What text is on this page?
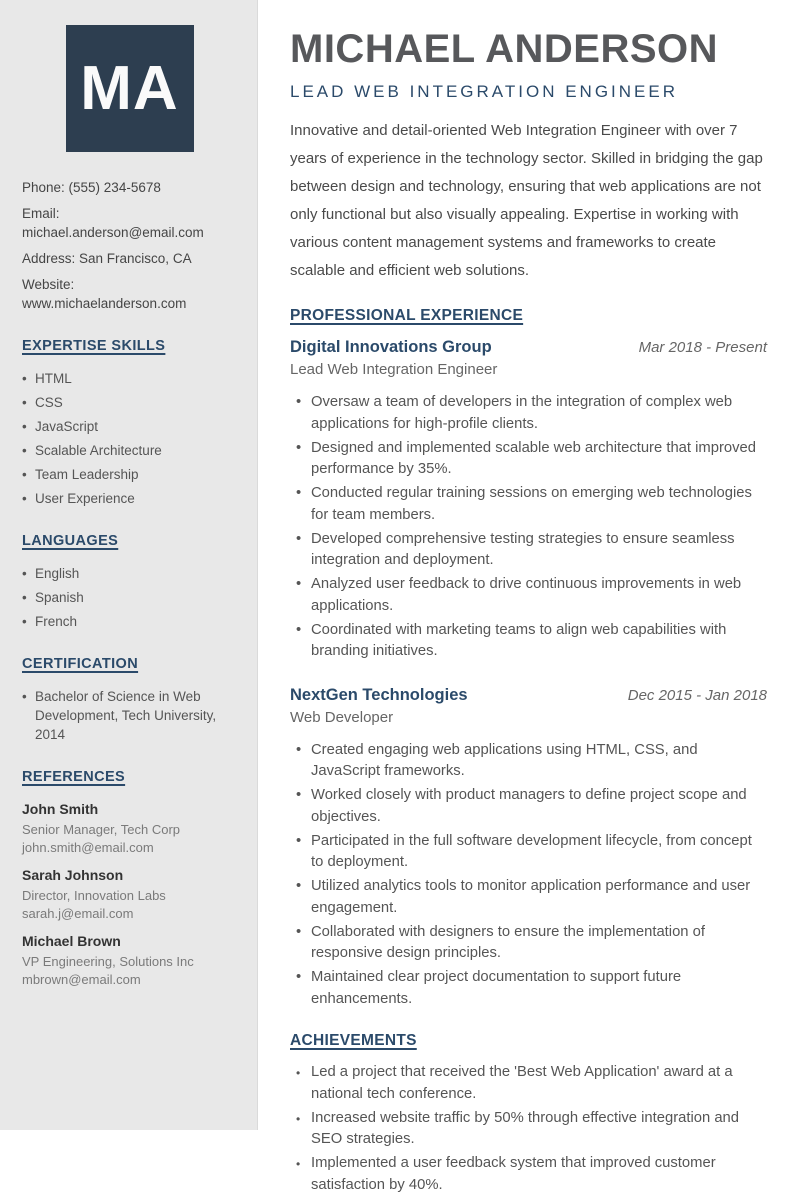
MA

Phone: (555) 234-5678

Email: michael.anderson@email.com

Address: San Francisco, CA

Website: www.michaelanderson.com

EXPERTISE SKILLS
• HTML
• CSS
• JavaScript
• Scalable Architecture
• Team Leadership
• User Experience
LANGUAGES
• English
• Spanish
• French
CERTIFICATION
• Bachelor of Science in Web Development, Tech University, 2014
REFERENCES

John Smith

Senior Manager, Tech Corp

john.smith@email.com

Sarah Johnson

Director, Innovation Labs

sarah.j@email.com

Michael Brown

VP Engineering, Solutions Inc

mbrown@email.com

MICHAEL ANDERSON
LEAD WEB INTEGRATION ENGINEER

Innovative and detail-oriented Web Integration Engineer with over 7 years of experience in the technology sector. Skilled in bridging the gap between design and technology, ensuring that web applications are not only functional but also visually appealing. Expertise in working with various content management systems and frameworks to create scalable and efficient web solutions.

PROFESSIONAL EXPERIENCE
Digital Innovations Group	Mar 2018 - Present
Lead Web Integration Engineer
• Oversaw a team of developers in the integration of complex web applications for high-profile clients.
• Designed and implemented scalable web architecture that improved performance by 35%.
• Conducted regular training sessions on emerging web technologies for team members.
• Developed comprehensive testing strategies to ensure seamless integration and deployment.
• Analyzed user feedback to drive continuous improvements in web applications.
• Coordinated with marketing teams to align web capabilities with branding initiatives.
NextGen Technologies	Dec 2015 - Jan 2018
Web Developer
• Created engaging web applications using HTML, CSS, and JavaScript frameworks.
• Worked closely with product managers to define project scope and objectives.
• Participated in the full software development lifecycle, from concept to deployment.
• Utilized analytics tools to monitor application performance and user engagement.
• Collaborated with designers to ensure the implementation of responsive design principles.
• Maintained clear project documentation to support future enhancements.
ACHIEVEMENTS
• Led a project that received the 'Best Web Application' award at a national tech conference.
• Increased website traffic by 50% through effective integration and SEO strategies.
• Implemented a user feedback system that improved customer satisfaction by 40%.
